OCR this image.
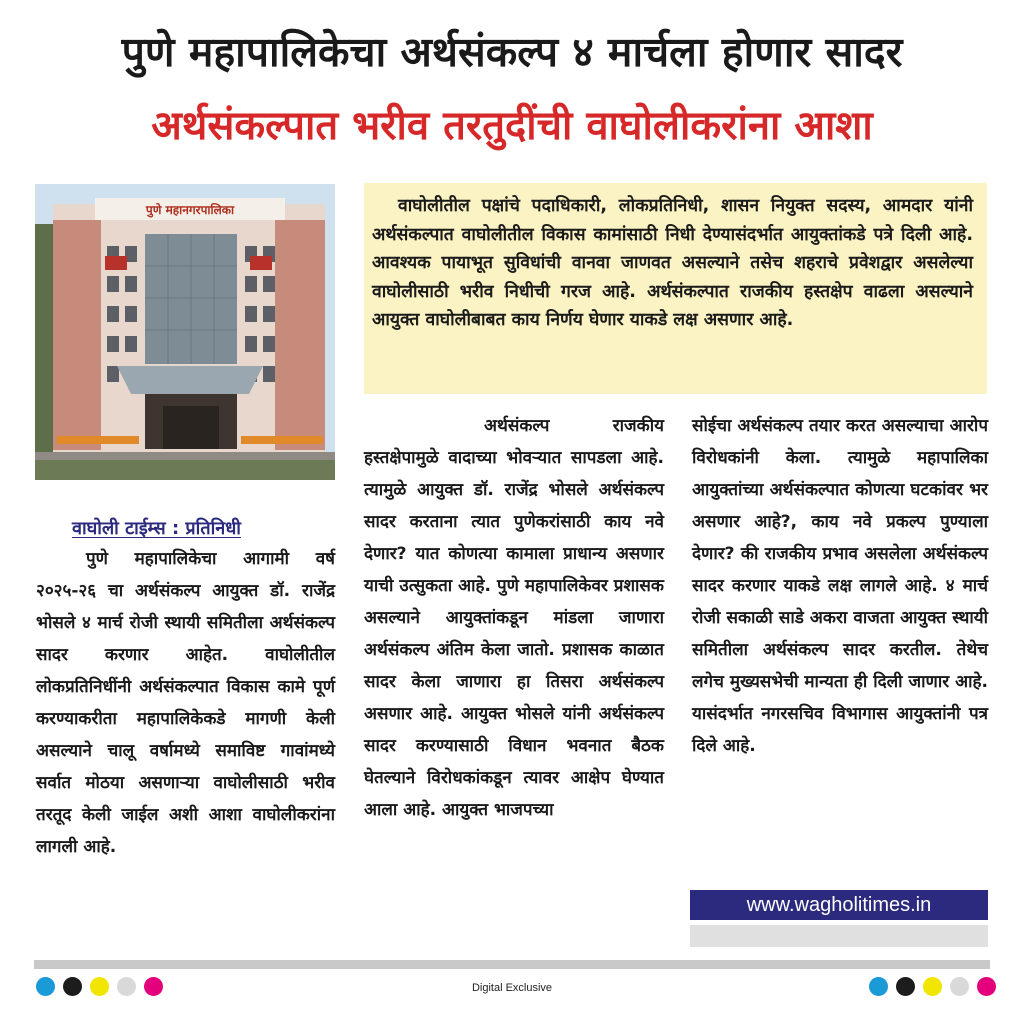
पुणे महापालिकेचा अर्थसंकल्प ४ मार्चला होणार सादर
अर्थसंकल्पात भरीव तरतुदींची वाघोलीकरांना आशा
पुणे महानगरपालिका	वाघोलीतील पक्षांचे पदाधिकारी, लोकप्रतिनिधी, शासन नियुक्त सदस्य, आमदार यांनी अर्थसंकल्पात वाघोलीतील विकास कामांसाठी निधी देण्यासंदर्भात आयुक्तांकडे पत्रे दिली आहे. आवश्यक पायाभूत सुविधांची वानवा जाणवत असल्याने तसेच शहराचे प्रवेशद्वार असलेल्या वाघोलीसाठी भरीव निधीची गरज आहे. अर्थसंकल्पात राजकीय हस्तक्षेप वाढला असल्याने आयुक्त वाघोलीबाबत काय निर्णय घेणार याकडे लक्ष असणार आहे.

वाघोली टाईम्स : प्रतिनिधी
पुणे महापालिकेचा आगामी वर्ष २०२५-२६ चा अर्थसंकल्प आयुक्त डॉ. राजेंद्र भोसले ४ मार्च रोजी स्थायी समितीला अर्थसंकल्प सादर करणार आहेत. वाघोलीतील लोकप्रतिनिधींनी अर्थसंकल्पात विकास कामे पूर्ण करण्याकरीता महापालिकेकडे मागणी केली असल्याने चालू वर्षामध्ये समाविष्ट गावांमध्ये सर्वात मोठया असणाऱ्या वाघोलीसाठी भरीव तरतूद केली जाईल अशी आशा वाघोलीकरांना लागली आहे.
अर्थसंकल्प राजकीय हस्तक्षेपामुळे वादाच्या भोवऱ्यात सापडला आहे. त्यामुळे आयुक्त डॉ. राजेंद्र भोसले अर्थसंकल्प सादर करताना त्यात पुणेकरांसाठी काय नवे देणार? यात कोणत्या कामाला प्राधान्य असणार याची उत्सुकता आहे. पुणे महापालिकेवर प्रशासक असल्याने आयुक्तांकडून मांडला जाणारा अर्थसंकल्प अंतिम केला जातो. प्रशासक काळात सादर केला जाणारा हा तिसरा अर्थसंकल्प असणार आहे. आयुक्त भोसले यांनी अर्थसंकल्प सादर करण्यासाठी विधान भवनात बैठक घेतल्याने विरोधकांकडून त्यावर आक्षेप घेण्यात आला आहे. आयुक्त भाजपच्या
सोईचा अर्थसंकल्प तयार करत असल्याचा आरोप विरोधकांनी केला. त्यामुळे महापालिका आयुक्तांच्या अर्थसंकल्पात कोणत्या घटकांवर भर असणार आहे?, काय नवे प्रकल्प पुण्याला देणार? की राजकीय प्रभाव असलेला अर्थसंकल्प सादर करणार याकडे लक्ष लागले आहे. ४ मार्च रोजी सकाळी साडे अकरा वाजता आयुक्त स्थायी समितीला अर्थसंकल्प सादर करतील. तेथेच लगेच मुख्यसभेची मान्यता ही दिली जाणार आहे. यासंदर्भात नगरसचिव विभागास आयुक्तांनी पत्र दिले आहे.
www.wagholitimes.in
Digital Exclusive
